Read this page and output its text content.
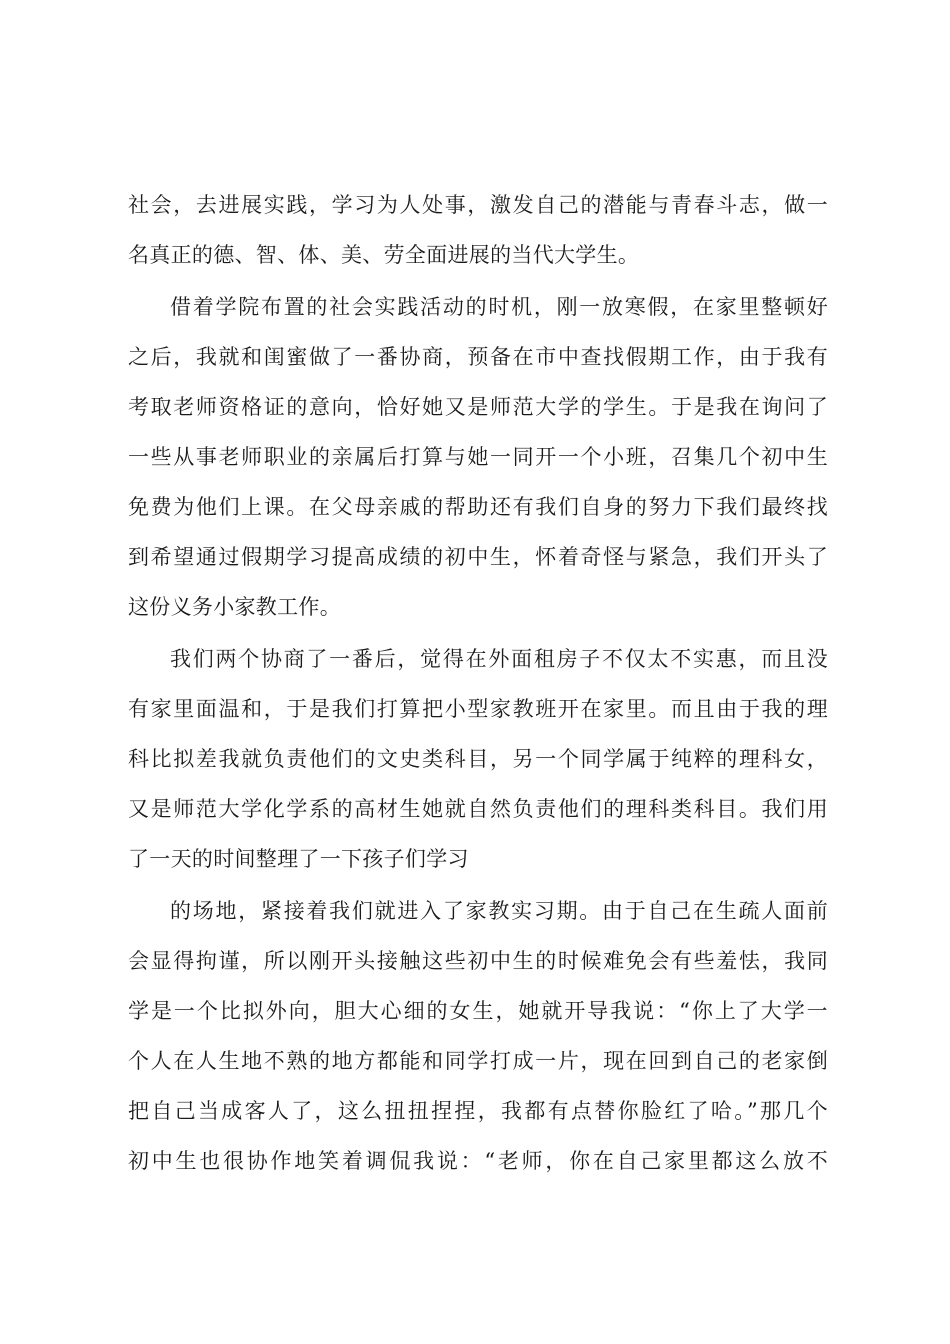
社会，去进展实践，学习为人处事，激发自己的潜能与青春斗志，做一
名真正的德、智、体、美、劳全面进展的当代大学生。
借着学院布置的社会实践活动的时机，刚一放寒假，在家里整顿好
之后，我就和闺蜜做了一番协商，预备在市中查找假期工作，由于我有
考取老师资格证的意向，恰好她又是师范大学的学生。于是我在询问了
一些从事老师职业的亲属后打算与她一同开一个小班，召集几个初中生
免费为他们上课。在父母亲戚的帮助还有我们自身的努力下我们最终找
到希望通过假期学习提高成绩的初中生，怀着奇怪与紧急，我们开头了
这份义务小家教工作。
我们两个协商了一番后，觉得在外面租房子不仅太不实惠，而且没
有家里面温和，于是我们打算把小型家教班开在家里。而且由于我的理
科比拟差我就负责他们的文史类科目，另一个同学属于纯粹的理科女，
又是师范大学化学系的高材生她就自然负责他们的理科类科目。我们用
了一天的时间整理了一下孩子们学习
的场地，紧接着我们就进入了家教实习期。由于自己在生疏人面前
会显得拘谨，所以刚开头接触这些初中生的时候难免会有些羞怯，我同
学是一个比拟外向，胆大心细的女生，她就开导我说：“你上了大学一
个人在人生地不熟的地方都能和同学打成一片，现在回到自己的老家倒
把自己当成客人了，这么扭扭捏捏，我都有点替你脸红了哈。”那几个
初中生也很协作地笑着调侃我说：“老师，你在自己家里都这么放不
